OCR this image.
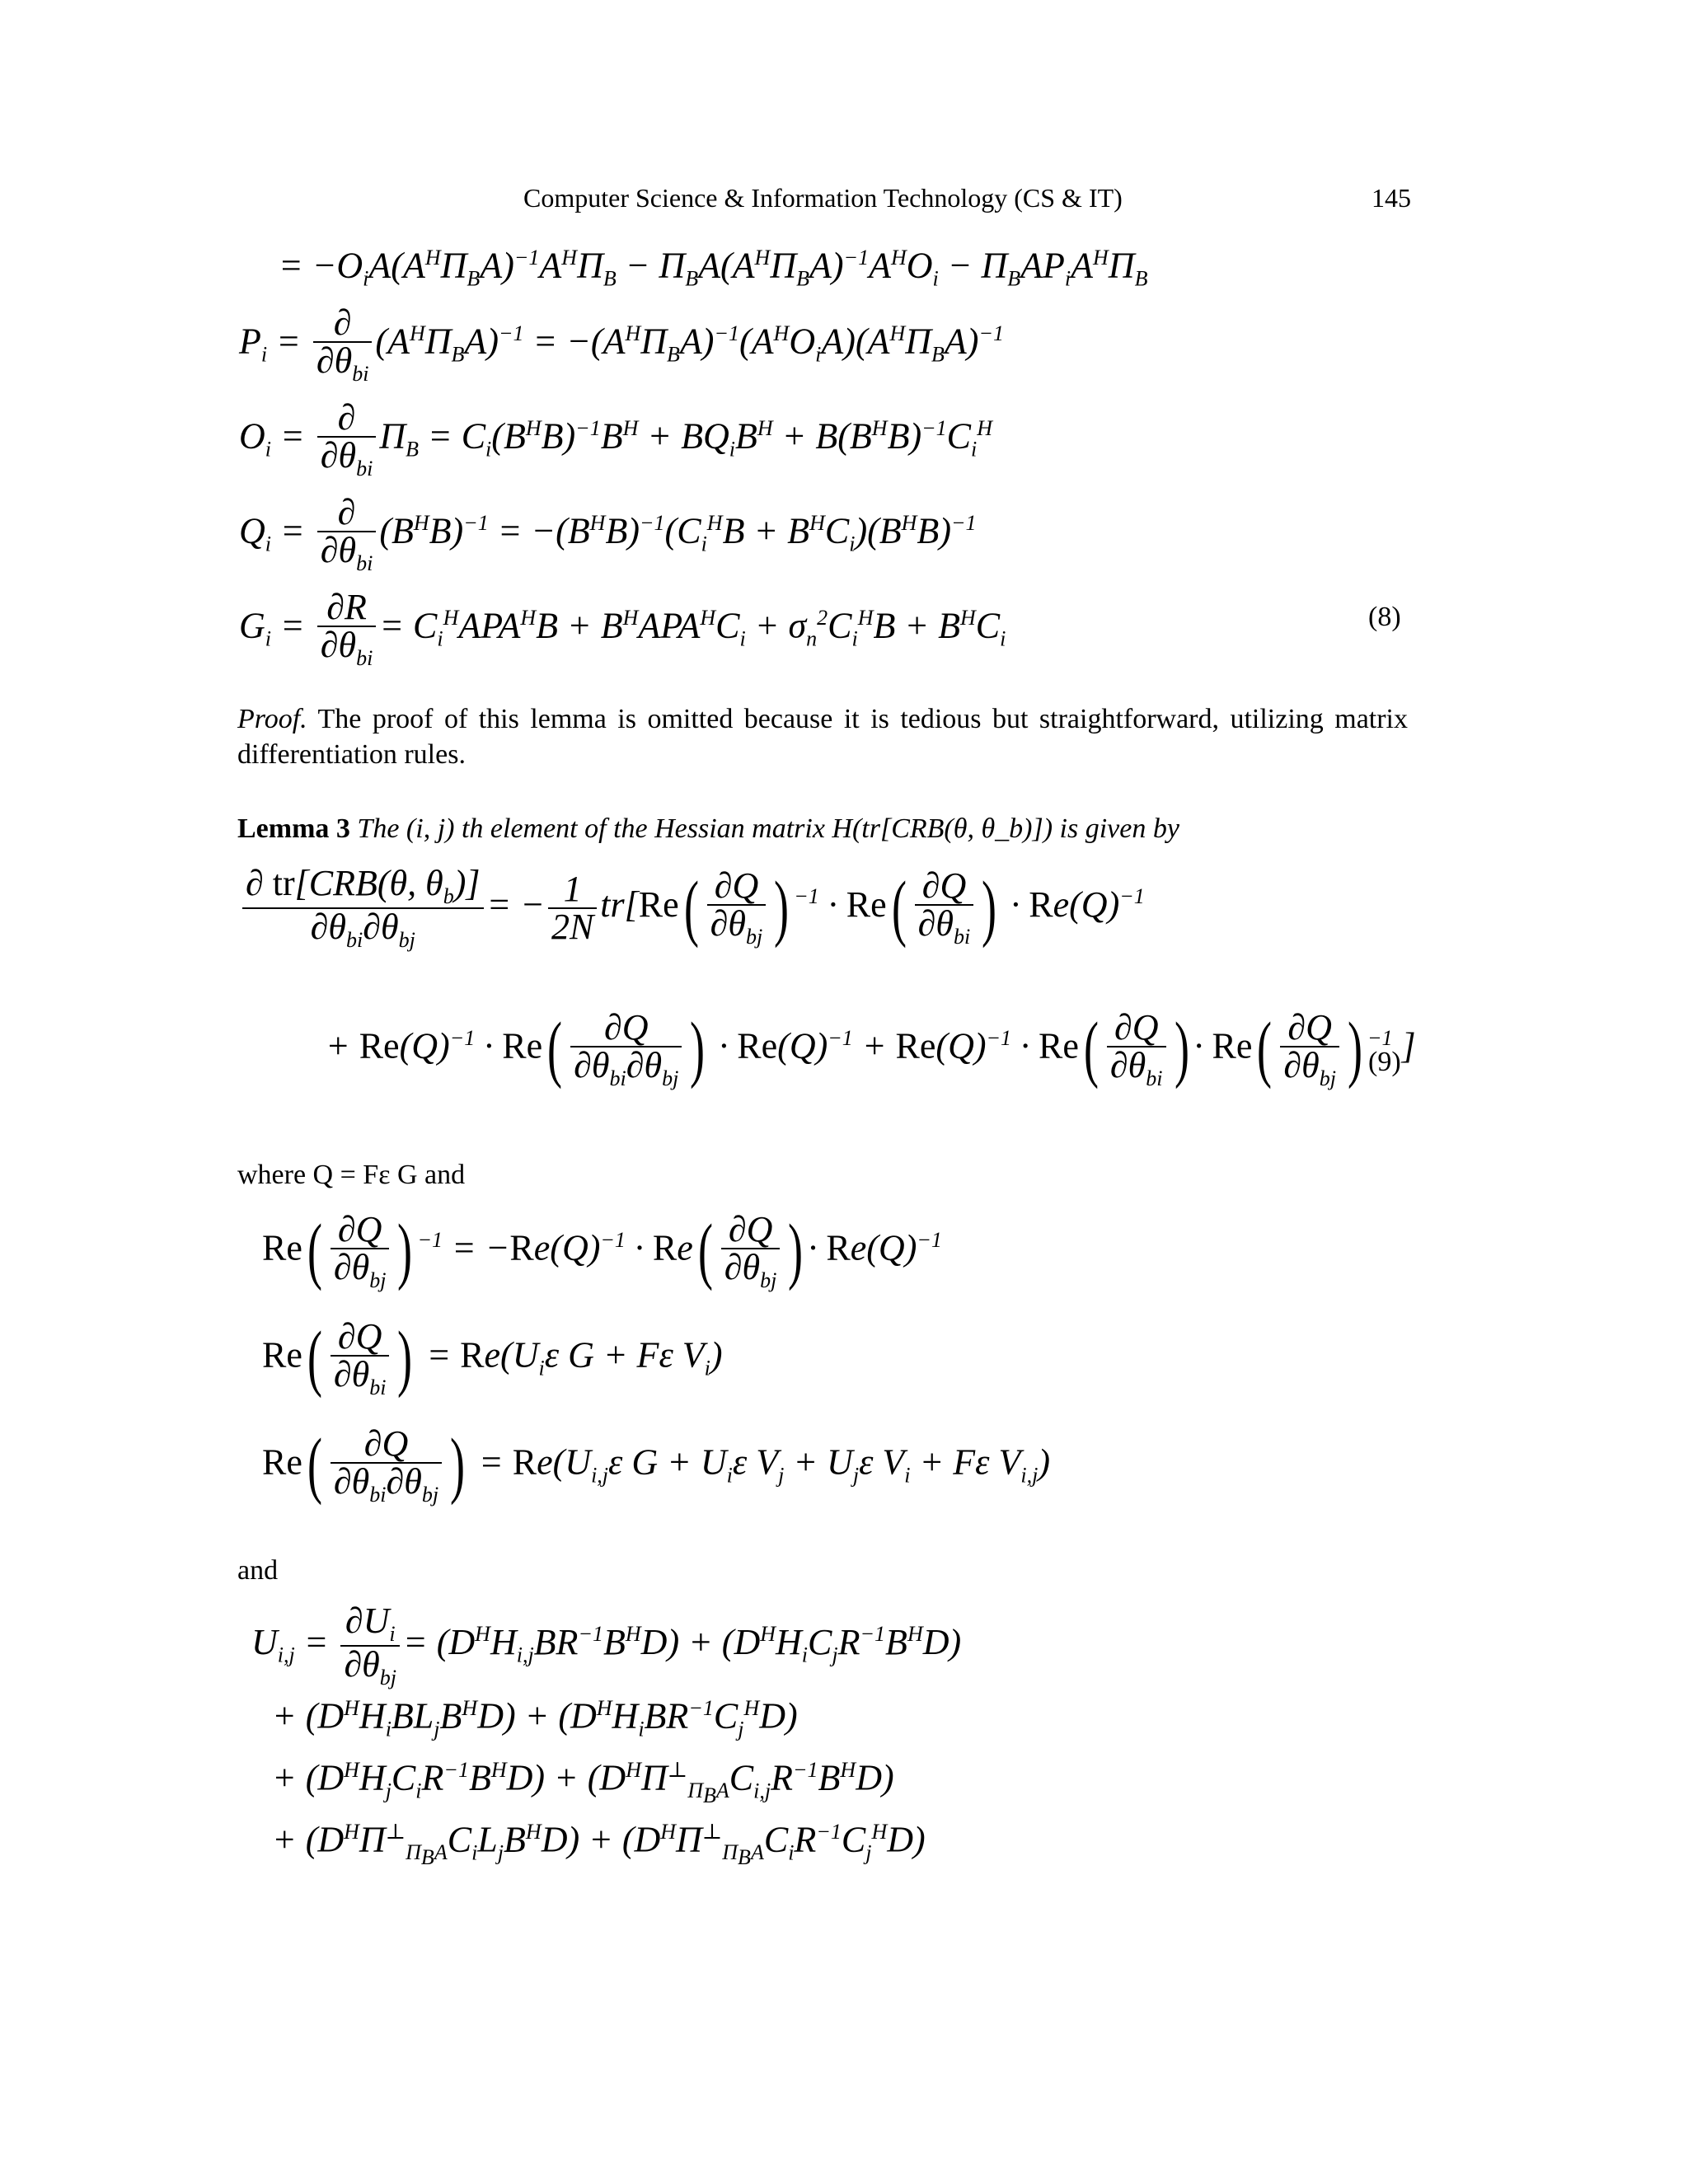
Computer Science & Information Technology (CS & IT)	145
= $-O_iA(A^H\Pi_BA)^{-1}A^H\Pi_B - \Pi_BA(A^H\Pi_BA)^{-1}A^HO_i - \Pi_BAP_iA^H\Pi_B$
$P_i = \frac{\partial}{\partial\theta_{bi}} (A^H\Pi_BA)^{-1} = -(A^H\Pi_BA)^{-1}(A^HO_iA)(A^H\Pi_BA)^{-1}$
$O_i = \frac{\partial}{\partial\theta_{bi}} \Pi_B = C_i(B^HB)^{-1}B^H + BQ_iB^H + B(B^HB)^{-1}C_i^H$
$Q_i = \frac{\partial}{\partial\theta_{bi}} (B^HB)^{-1} = -(B^HB)^{-1}(C_i^HB + B^HC_i)(B^HB)^{-1}$
$G_i = \frac{\partial R}{\partial\theta_{bi}} = C_i^HAPA^HB + B^HAPA^HC_i + \sigma_n^2C_i^HB + B^HC_i$
(8)
Proof. The proof of this lemma is omitted because it is tedious but straightforward, utilizing matrix differentiation rules.
Lemma 3 The (i, j) th element of the Hessian matrix H(tr[CRB(θ, θ_b)]) is given by
$\frac{\partial tr[CRB(\theta, \theta_b)]}{\partial\theta_{bi}\partial\theta_{bj}}$ = − $\frac{1}{2N} tr[Re( \frac{\partial Q}{\partial\theta_{bj}}$ ) $^{-1} \cdot Re( \frac{\partial Q}{\partial\theta_{bi}}$ ) · $Re(Q)^{-1}$
+ $Re(Q)^{-1} \cdot Re( \frac{\partial Q}{\partial\theta_{bi}\partial\theta_{bj}}$ ) · $Re(Q)^{-1} + Re(Q)^{-1} \cdot Re( \frac{\partial Q}{\partial\theta_{bi}}$ ) · $Re( \frac{\partial Q}{\partial\theta_{bj}}$ ) $^{-1}$ ]
(9)
where Q = Fε G and
$Re( \frac{\partial Q}{\partial\theta_{bj}}$ ) $^{-1} = -Re(Q)^{-1} \cdot Re( \frac{\partial Q}{\partial\theta_{bj}}$ ) · $Re(Q)^{-1}$
$Re( \frac{\partial Q}{\partial\theta_{bi}}$ ) = $Re(U_i\varepsilon$ G + Fε $V_i$)
$Re( \frac{\partial Q}{\partial\theta_{bi}\partial\theta_{bj}}$ ) = $Re(U_{i,j}\varepsilon$ $G + U_i\varepsilon$ $V_j + U_j\varepsilon$ $V_i + F\varepsilon$ $V_{i,j}$)
and
$U_{i,j} = \frac{\partial U_i}{\partial\theta_{bj}} = (D^HH_{i,j}BR^{-1}B^HD) + (D^HH_iC_jR^{-1}B^HD)$
+ $(D^HH_iBL_jB^HD) + (D^HH_iBR^{-1}C_j^HD)$
+ $(D^HH_jC_iR^{-1}B^HD) + (D^H\Pi^\perp_{\Pi_BA}C_{i,j}R^{-1}B^HD)$
+ $(D^H\Pi^\perp_{\Pi_BA}C_iL_jB^HD) + (D^H\Pi^\perp_{\Pi_BA}C_iR^{-1}C_j^HD)$
